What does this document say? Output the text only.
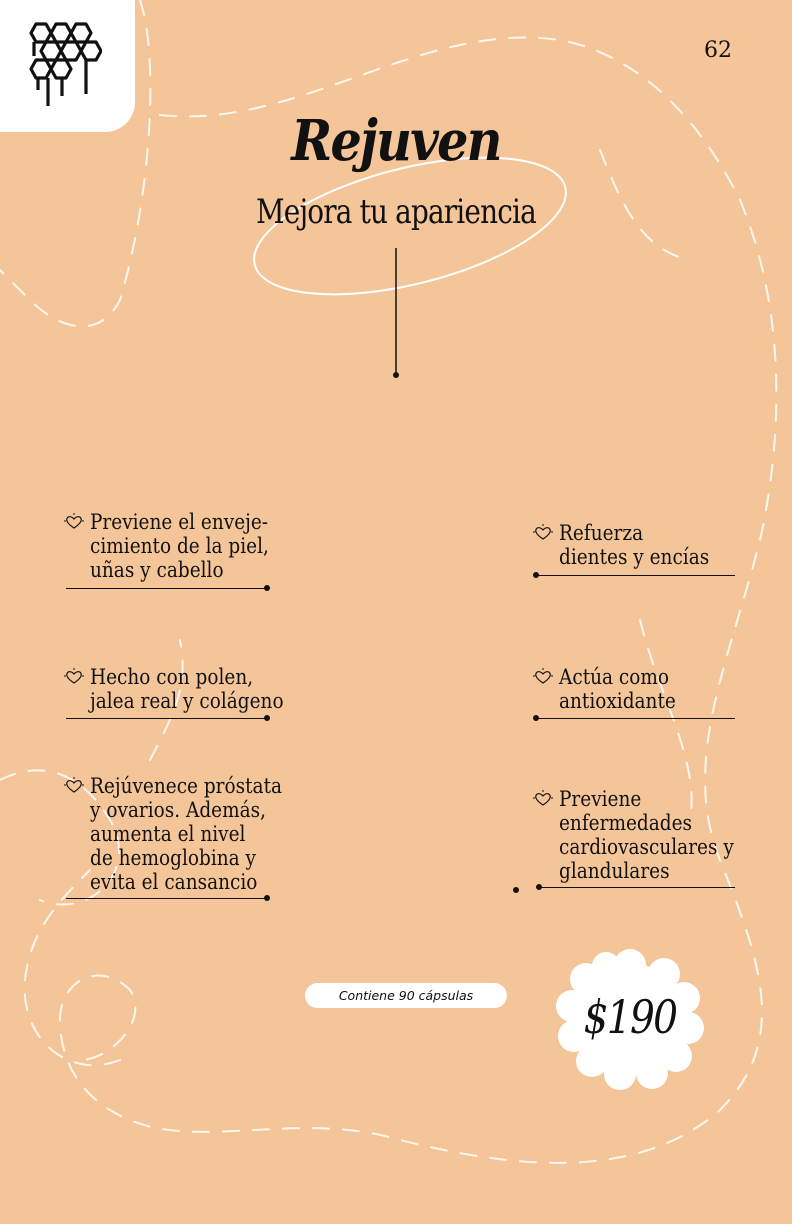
62
Rejuven
Mejora tu apariencia
Previene el enveje-
cimiento de la piel,
uñas y cabello
Refuerza
dientes y encías
Hecho con polen,
jalea real y colágeno
Actúa como
antioxidante
Rejúvenece próstata
y ovarios. Además,
aumenta el nivel
de hemoglobina y
evita el cansancio
Previene
enfermedades
cardiovasculares y
glandulares
Contiene 90 cápsulas	$190
